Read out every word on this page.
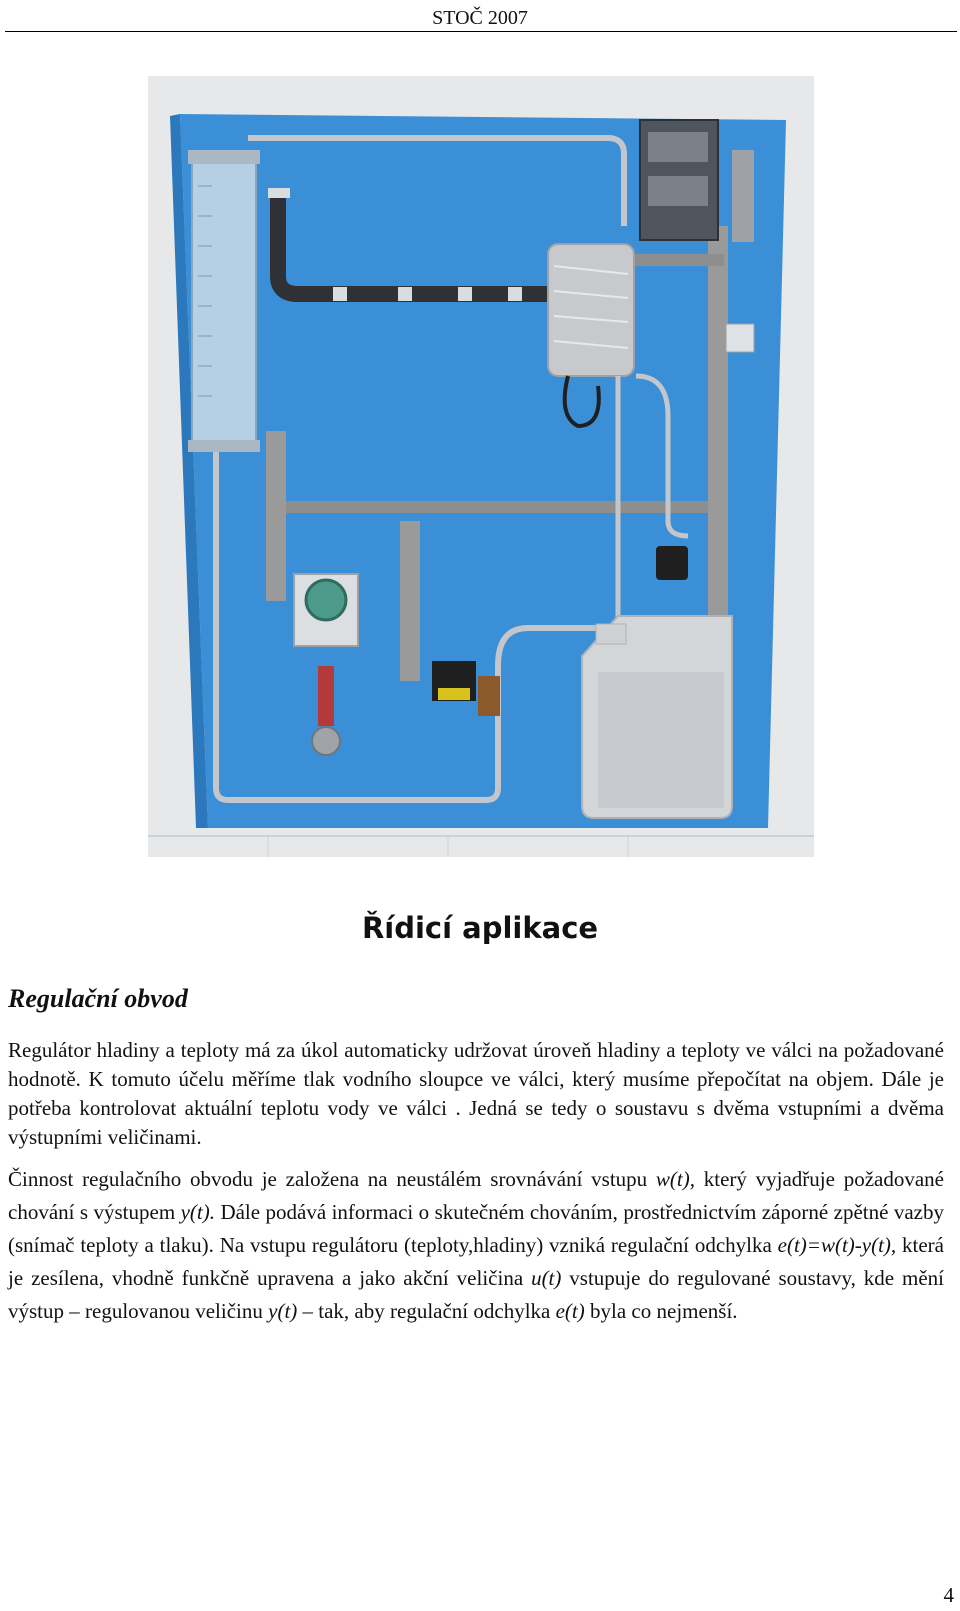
STOČ 2007
Řídicí aplikace
Regulační obvod
Regulátor hladiny a teploty má za úkol automaticky udržovat úroveň hladiny a teploty ve válci na požadované hodnotě. K tomuto účelu měříme tlak vodního sloupce ve válci, který musíme přepočítat na objem. Dále je potřeba kontrolovat aktuální teplotu vody ve válci . Jedná se tedy o soustavu s dvěma vstupními a dvěma výstupními veličinami.
Činnost regulačního obvodu je založena na neustálém srovnávání vstupu w(t), který vyjadřuje požadované chování s výstupem y(t). Dále podává informaci o skutečném chováním, prostřednictvím záporné zpětné vazby (snímač teploty a tlaku). Na vstupu regulátoru (teploty,hladiny) vzniká regulační odchylka e(t)=w(t)-y(t), která je zesílena, vhodně funkčně upravena a jako akční veličina u(t) vstupuje do regulované soustavy, kde mění výstup – regulovanou veličinu y(t) – tak, aby regulační odchylka e(t) byla co nejmenší.
4
